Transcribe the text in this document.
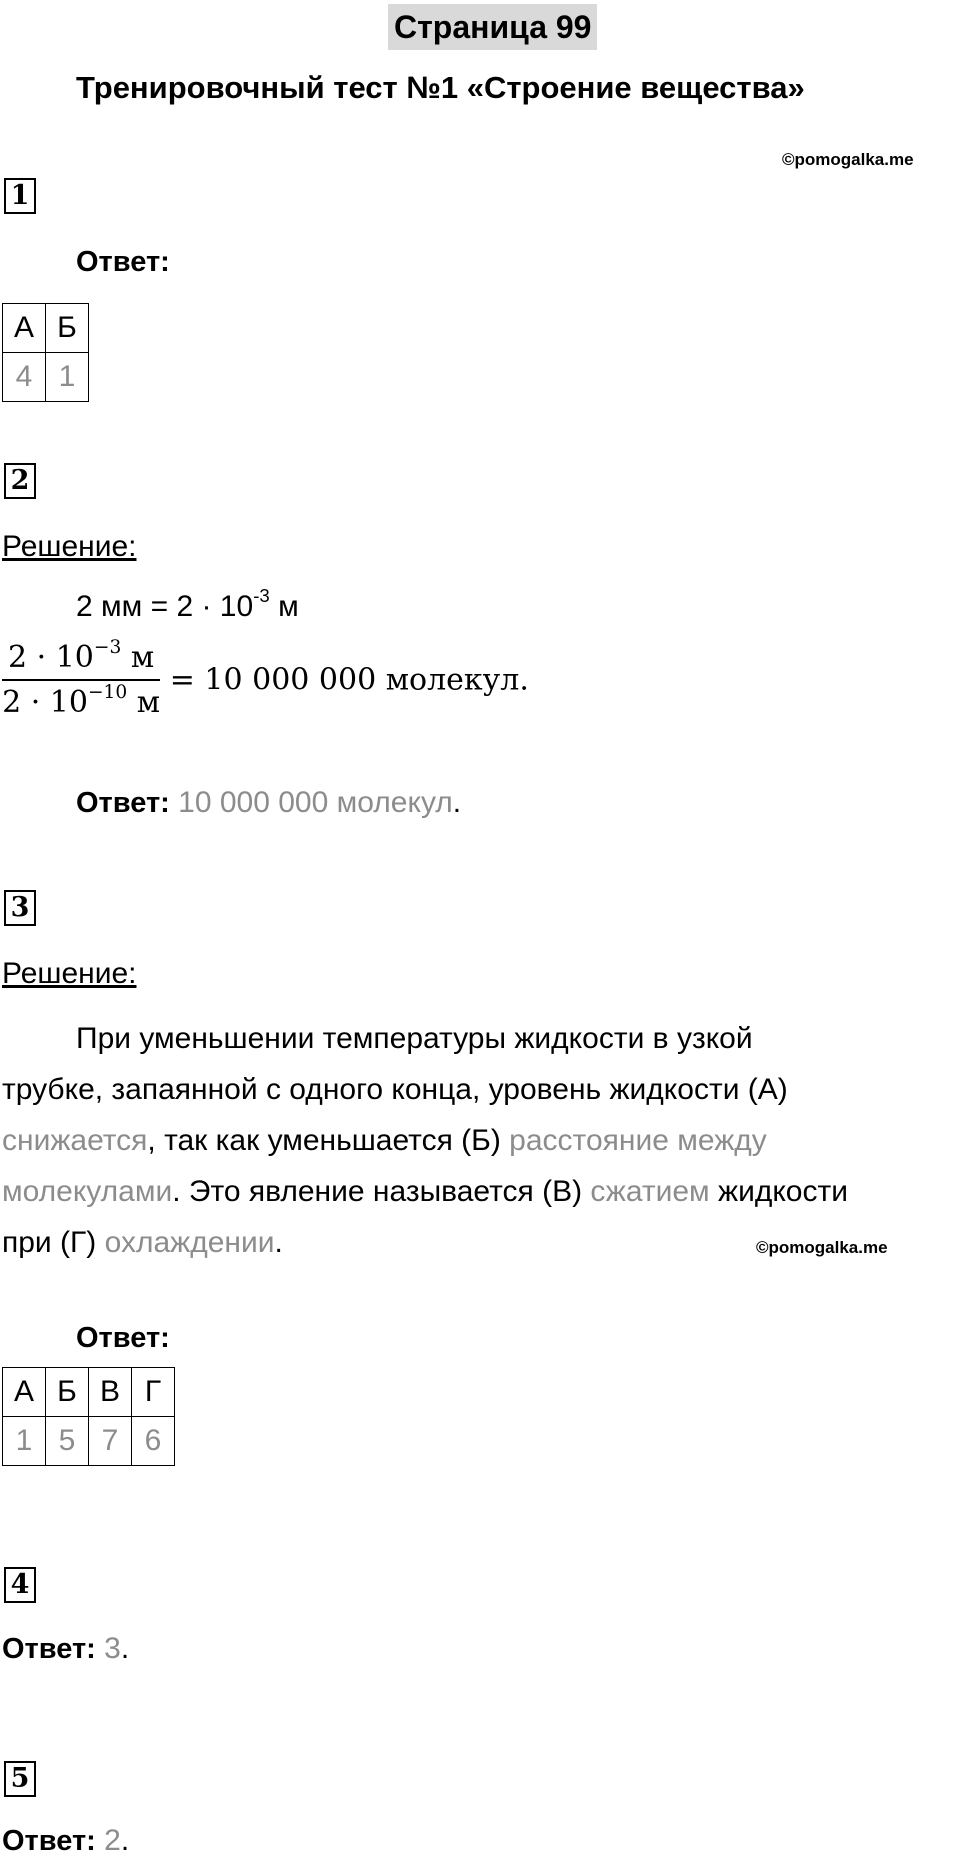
Страница 99
Тренировочный тест №1 «Строение вещества»
©pomogalka.me
1
Ответ:
А	Б
4	1
2
Решение:
2 мм = $2 \cdot 10^{-3}$ м
$\frac{2 \cdot 10^{-3} м}{2 \cdot 10^{-10} м} = 10$ 000 000 молекул.
Ответ: 10 000 000 молекул.
3
Решение:
При уменьшении температуры жидкости в узкой
трубке, запаянной с одного конца, уровень жидкости (А)
снижается, так как уменьшается (Б) расстояние между
молекулами. Это явление называется (В) сжатием жидкости
при (Г) охлаждении.	©pomogalka.me
Ответ:
А	Б	В	Г
1	5	7	6
4
Ответ: 3.
5
Ответ: 2.
